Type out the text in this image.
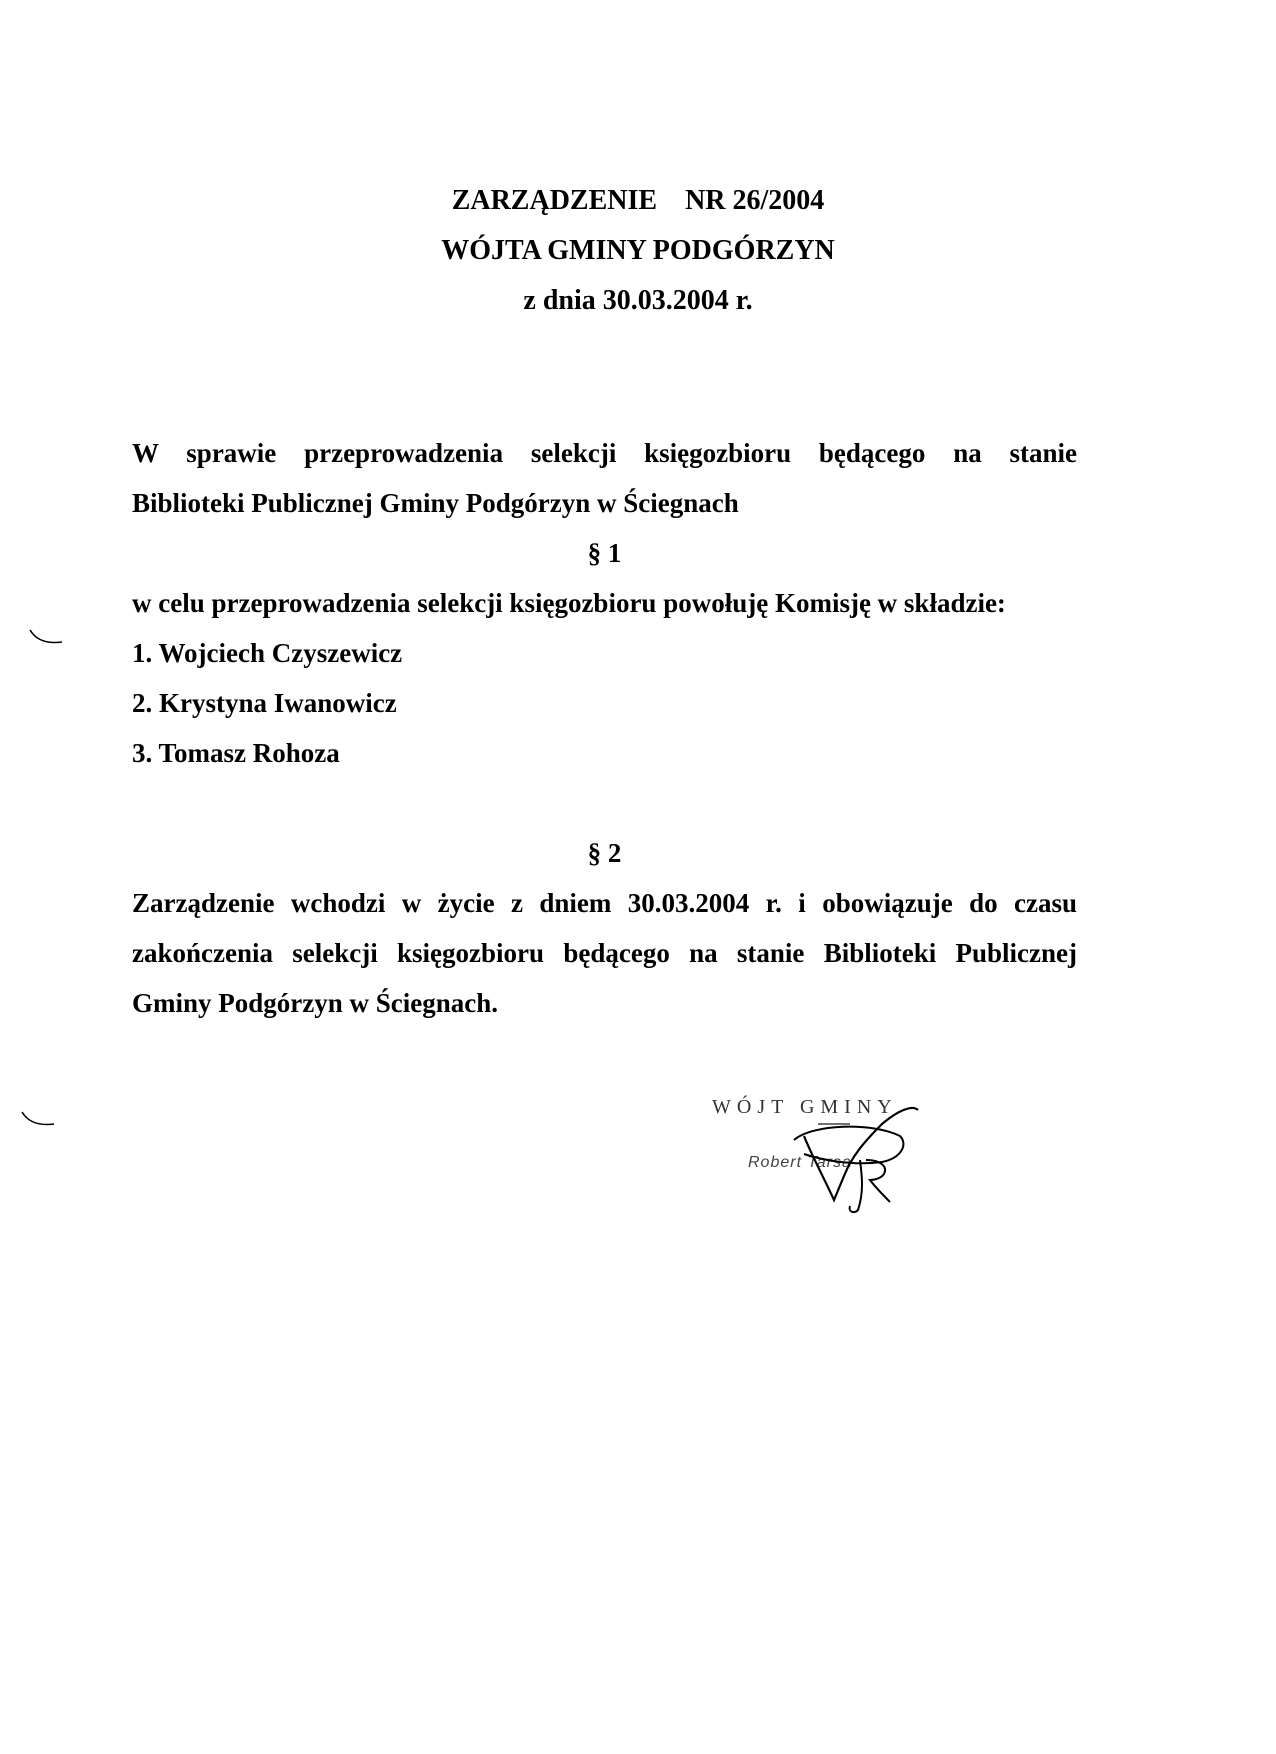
ZARZĄDZENIE    NR 26/2004
WÓJTA GMINY PODGÓRZYN
z dnia 30.03.2004 r.
W sprawie przeprowadzenia selekcji księgozbioru będącego na stanie
Biblioteki Publicznej Gminy Podgórzyn w Ściegnach
§ 1
w celu przeprowadzenia selekcji księgozbioru powołuję Komisję w składzie:
1. Wojciech Czyszewicz
2. Krystyna Iwanowicz
3. Tomasz Rohoza
§ 2
Zarządzenie wchodzi w życie z dniem 30.03.2004 r. i obowiązuje do czasu
zakończenia selekcji księgozbioru będącego na stanie Biblioteki Publicznej
Gminy Podgórzyn w Ściegnach.
WÓJT GMINY
Robert Tarsa
